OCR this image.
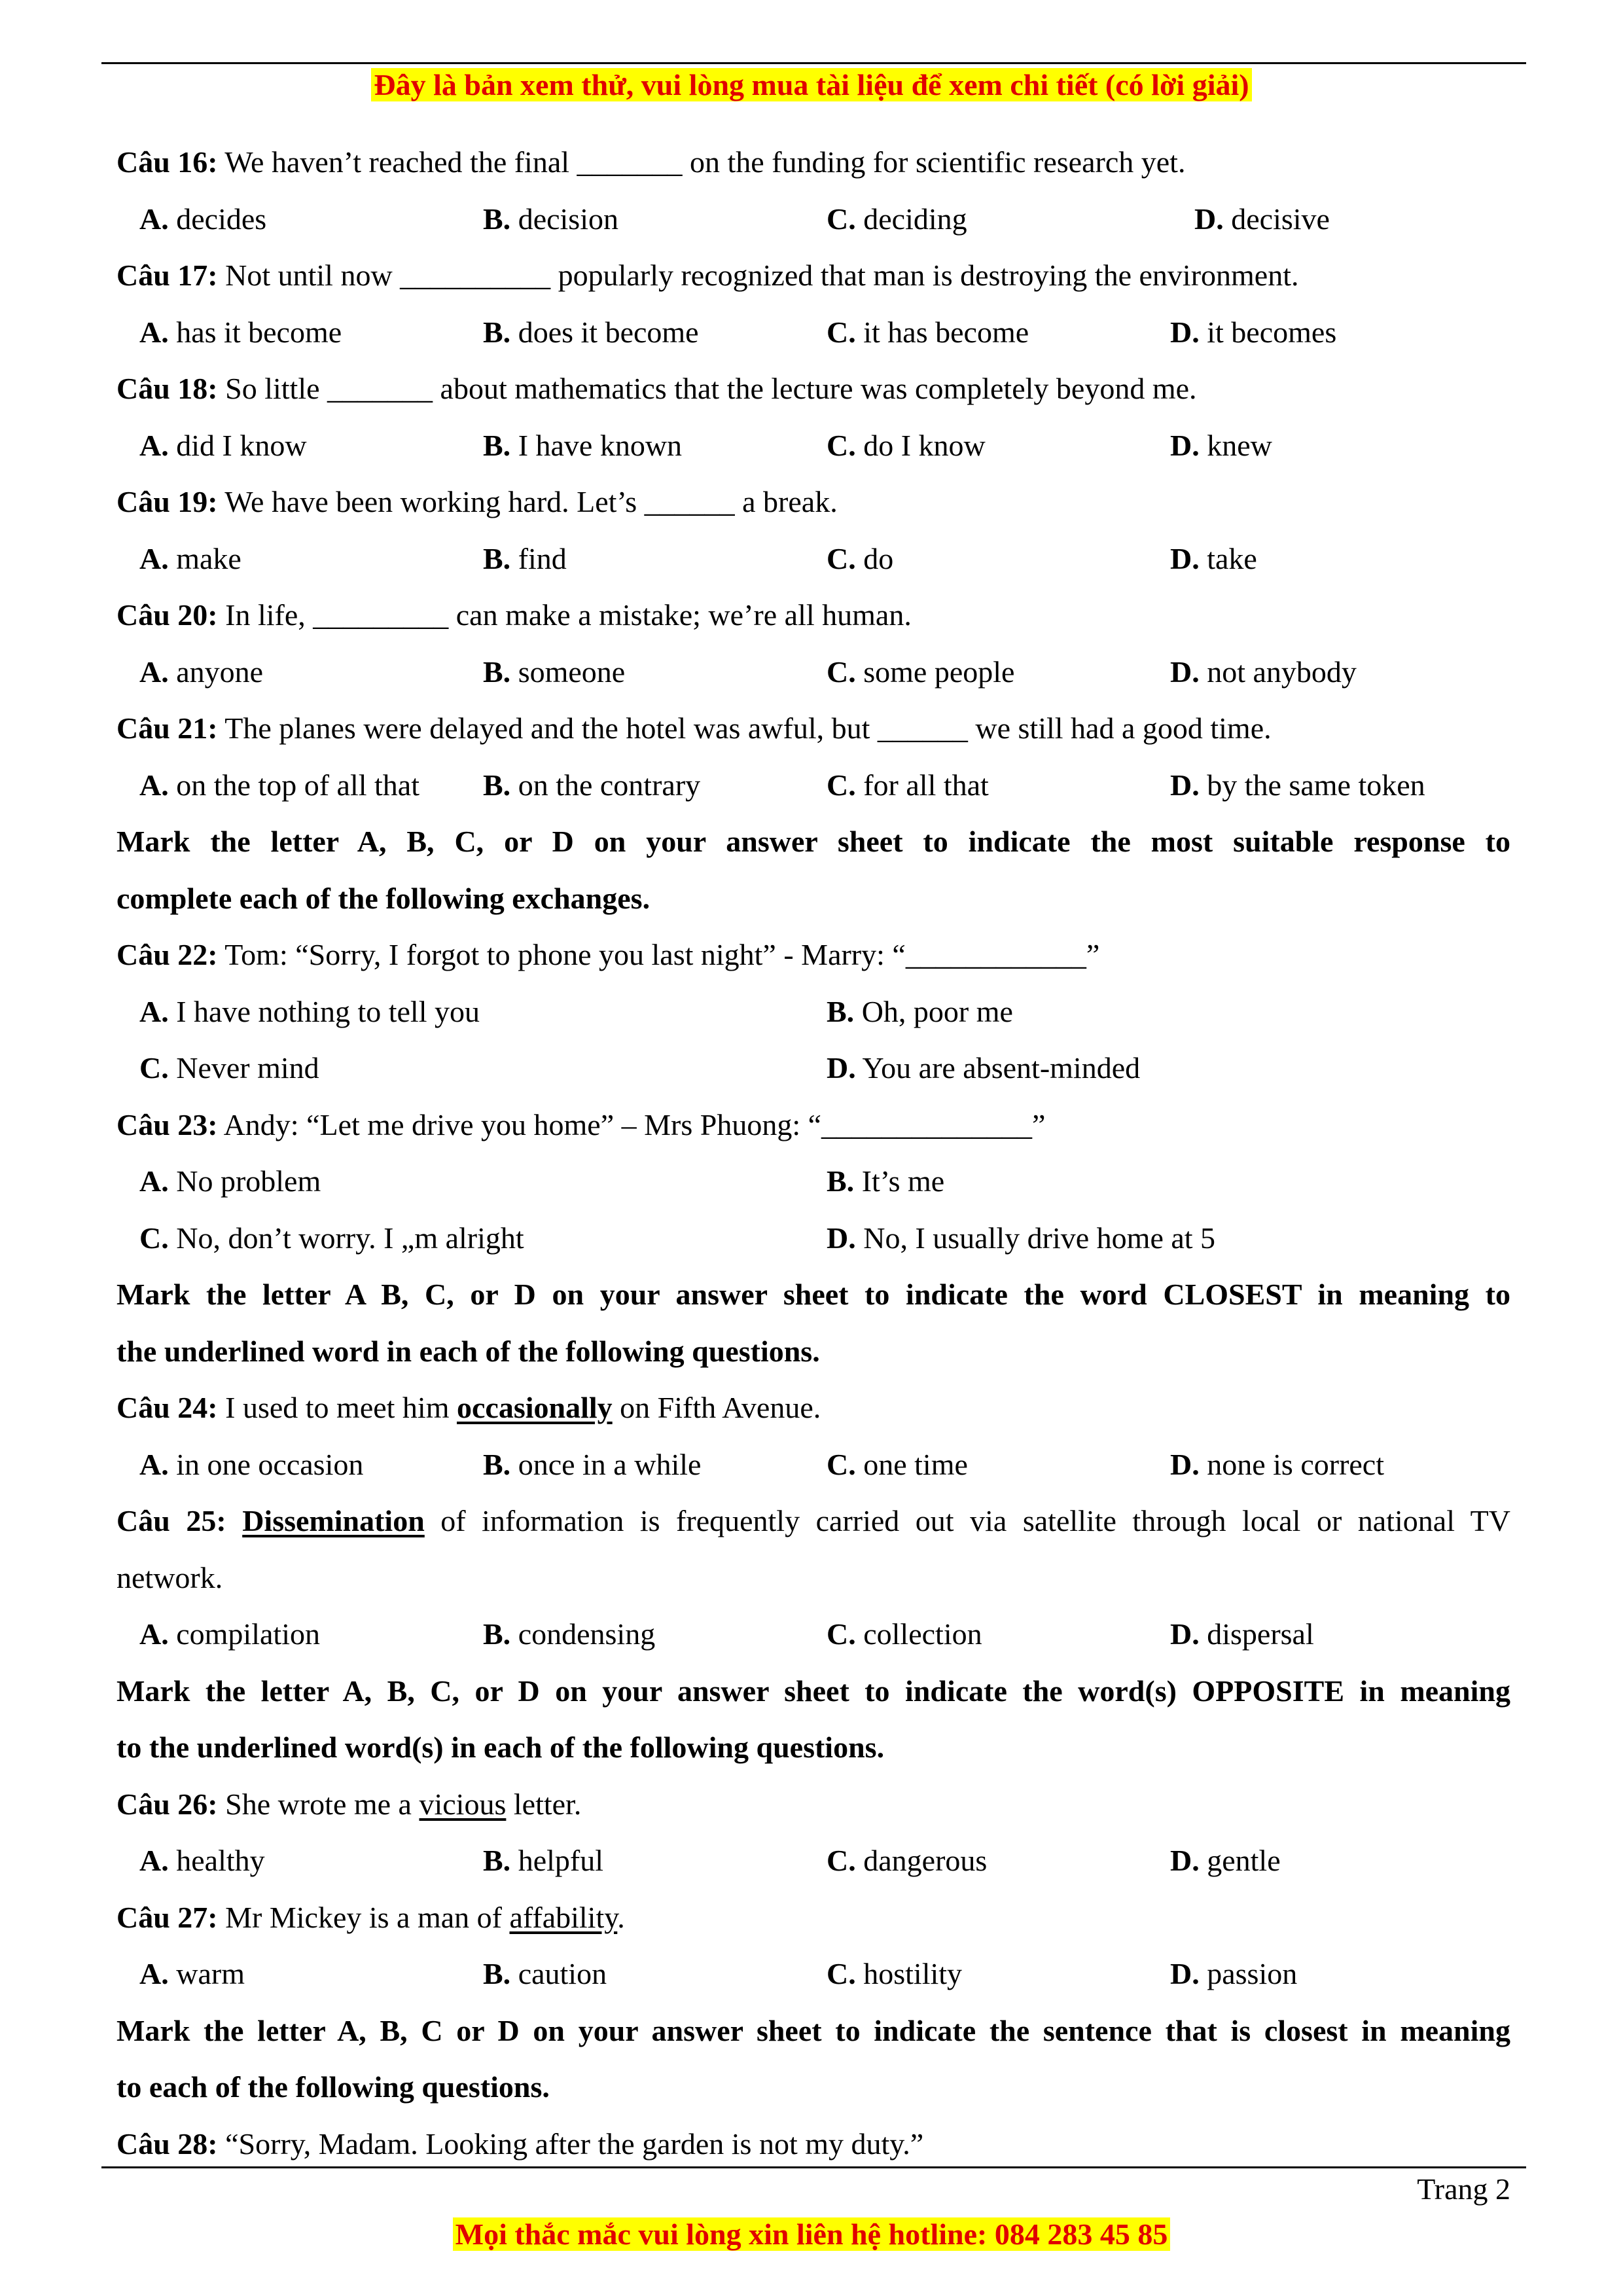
Đây là bản xem thử, vui lòng mua tài liệu để xem chi tiết (có lời giải)
Câu 16: We haven’t reached the final _______ on the funding for scientific research yet.
A. decides	B. decision	C. deciding	D. decisive
Câu 17: Not until now __________ popularly recognized that man is destroying the environment.
A. has it become	B. does it become	C. it has become	D. it becomes
Câu 18: So little _______ about mathematics that the lecture was completely beyond me.
A. did I know	B. I have known	C. do I know	D. knew
Câu 19: We have been working hard. Let’s ______ a break.
A. make	B. find	C. do	D. take
Câu 20: In life, _________ can make a mistake; we’re all human.
A. anyone	B. someone	C. some people	D. not anybody
Câu 21: The planes were delayed and the hotel was awful, but ______ we still had a good time.
A. on the top of all that B. on the contrary	C. for all that	D. by the same token
Mark the letter A, B, C, or D on your answer sheet to indicate the most suitable response to
complete each of the following exchanges.
Câu 22: Tom: “Sorry, I forgot to phone you last night” - Marry: “____________”
A. I have nothing to tell you	B. Oh, poor me
C. Never mind	D. You are absent-minded
Câu 23: Andy: “Let me drive you home” – Mrs Phuong: “______________”
A. No problem	B. It’s me
C. No, don’t worry. I „m alright	D. No, I usually drive home at 5
Mark the letter A B, C, or D on your answer sheet to indicate the word CLOSEST in meaning to
the underlined word in each of the following questions.
Câu 24: I used to meet him occasionally on Fifth Avenue.
A. in one occasion	B. once in a while	C. one time	D. none is correct
Câu 25: Dissemination of information is frequently carried out via satellite through local or national TV
network.
A. compilation	B. condensing	C. collection	D. dispersal
Mark the letter A, B, C, or D on your answer sheet to indicate the word(s) OPPOSITE in meaning
to the underlined word(s) in each of the following questions.
Câu 26: She wrote me a vicious letter.
A. healthy	B. helpful	C. dangerous	D. gentle
Câu 27: Mr Mickey is a man of affability.
A. warm	B. caution	C. hostility	D. passion
Mark the letter A, B, C or D on your answer sheet to indicate the sentence that is closest in meaning
to each of the following questions.
Câu 28: “Sorry, Madam. Looking after the garden is not my duty.”
Trang 2
Mọi thắc mắc vui lòng xin liên hệ hotline: 084 283 45 85
